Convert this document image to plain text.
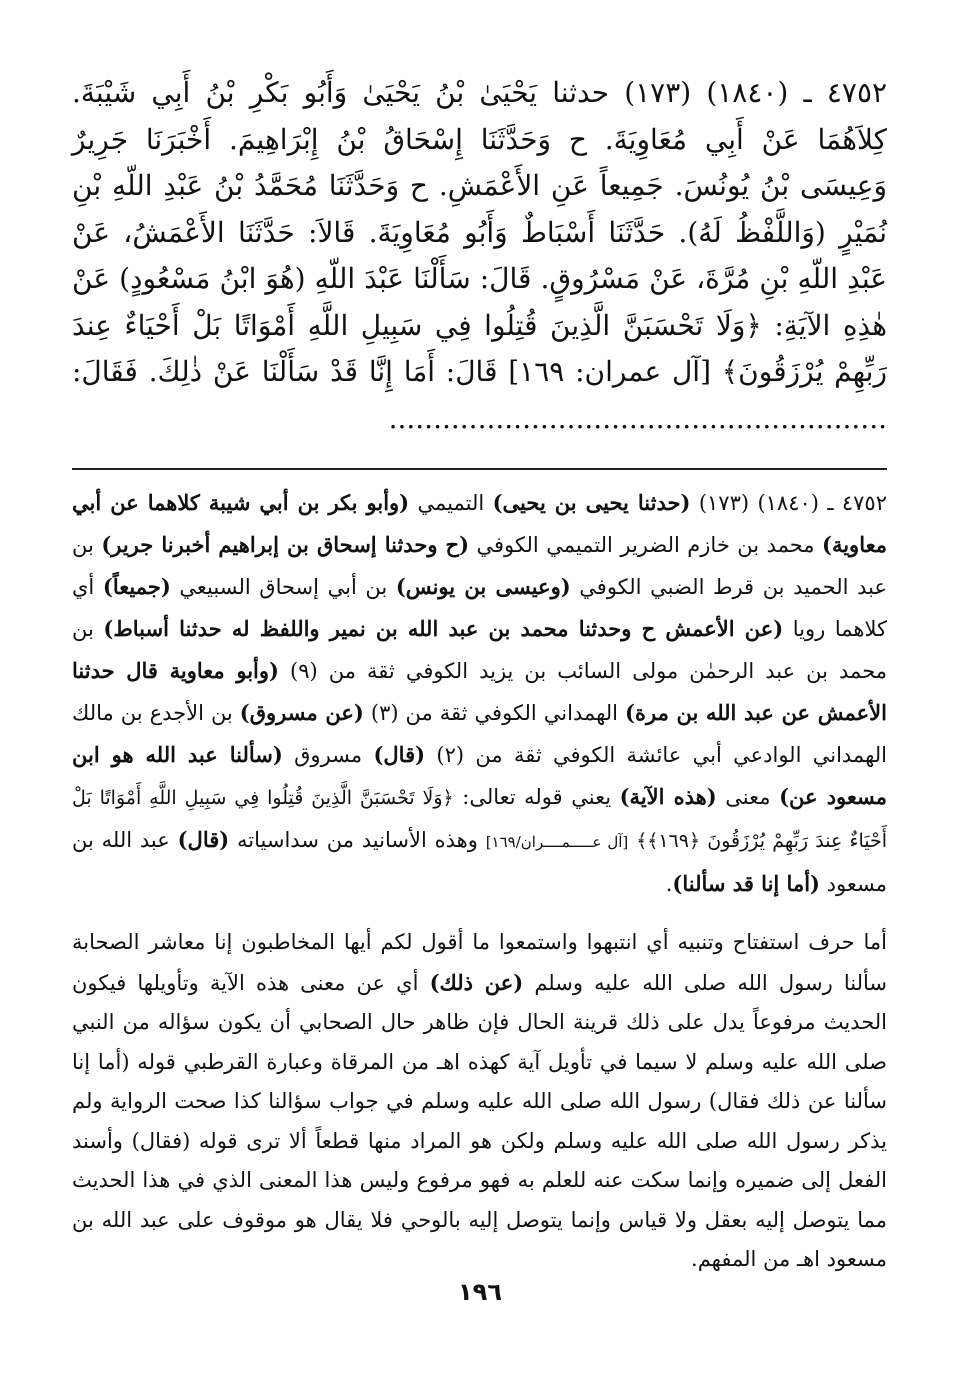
٤٧٥٢ ـ (١٨٤٠) (١٧٣) حدثنا يَحْيَىٰ بْنُ يَحْيَىٰ وَأَبُو بَكْرِ بْنُ أَبِي شَيْبَةَ. كِلاَهُمَا عَنْ أَبِي مُعَاوِيَةَ. ح وَحَدَّثَنَا إِسْحَاقُ بْنُ إِبْرَاهِيمَ. أَخْبَرَنَا جَرِيرٌ وَعِيسَى بْنُ يُونُسَ. جَمِيعاً عَنِ الأَعْمَشِ. ح وَحَدَّثَنَا مُحَمَّدُ بْنُ عَبْدِ اللّهِ بْنِ نُمَيْرٍ (وَاللَّفْظُ لَهُ). حَدَّثَنَا أَسْبَاطٌ وَأَبُو مُعَاوِيَةَ. قَالاَ: حَدَّثَنَا الأَعْمَشُ، عَنْ عَبْدِ اللّهِ بْنِ مُرَّةَ، عَنْ مَسْرُوقٍ. قَالَ: سَأَلْنَا عَبْدَ اللّهِ (هُوَ ابْنُ مَسْعُودٍ) عَنْ هٰذِهِ الآيَةِ: ﴿وَلَا تَحْسَبَنَّ الَّذِينَ قُتِلُوا فِي سَبِيلِ اللَّهِ أَمْوَاتًا بَلْ أَحْيَاءٌ عِندَ رَبِّهِمْ يُرْزَقُونَ﴾ [آل عمران: ١٦٩] قَالَ: أَمَا إِنَّا قَدْ سَأَلْنَا عَنْ ذٰلِكَ. فَقَالَ: ........................................................

٤٧٥٢ ـ (١٨٤٠) (١٧٣) (حدثنا يحيى بن يحيى) التميمي (وأبو بكر بن أبي شيبة كلاهما عن أبي معاوية) محمد بن خازم الضرير التميمي الكوفي (ح وحدثنا إسحاق بن إبراهيم أخبرنا جرير) بن عبد الحميد بن قرط الضبي الكوفي (وعيسى بن يونس) بن أبي إسحاق السبيعي (جميعاً) أي كلاهما رويا (عن الأعمش ح وحدثنا محمد بن عبد الله بن نمير واللفظ له حدثنا أسباط) بن محمد بن عبد الرحمٰن مولى السائب بن يزيد الكوفي ثقة من (٩) (وأبو معاوية قال حدثنا الأعمش عن عبد الله بن مرة) الهمداني الكوفي ثقة من (٣) (عن مسروق) بن الأجدع بن مالك الهمداني الوادعي أبي عائشة الكوفي ثقة من (٢) (قال) مسروق (سألنا عبد الله هو ابن مسعود عن) معنى (هذه الآية) يعني قوله تعالى: ﴿وَلَا تَحْسَبَنَّ الَّذِينَ قُتِلُوا فِي سَبِيلِ اللَّهِ أَمْوَاتًا بَلْ أَحْيَاءٌ عِندَ رَبِّهِمْ يُرْزَقُونَ ﴿١٦٩﴾﴾ [آل عـــــمــــران/١٦٩] وهذه الأسانيد من سداسياته (قال) عبد الله بن مسعود (أما إنا قد سألنا).

أما حرف استفتاح وتنبيه أي انتبهوا واستمعوا ما أقول لكم أيها المخاطبون إنا معاشر الصحابة سألنا رسول الله صلى الله عليه وسلم (عن ذلك) أي عن معنى هذه الآية وتأويلها فيكون الحديث مرفوعاً يدل على ذلك قرينة الحال فإن ظاهر حال الصحابي أن يكون سؤاله من النبي صلى الله عليه وسلم لا سيما في تأويل آية كهذه اهـ من المرقاة وعبارة القرطبي قوله (أما إنا سألنا عن ذلك فقال) رسول الله صلى الله عليه وسلم في جواب سؤالنا كذا صحت الرواية ولم يذكر رسول الله صلى الله عليه وسلم ولكن هو المراد منها قطعاً ألا ترى قوله (فقال) وأسند الفعل إلى ضميره وإنما سكت عنه للعلم به فهو مرفوع وليس هذا المعنى الذي في هذا الحديث مما يتوصل إليه بعقل ولا قياس وإنما يتوصل إليه بالوحي فلا يقال هو موقوف على عبد الله بن مسعود اهـ من المفهم.

١٩٦
